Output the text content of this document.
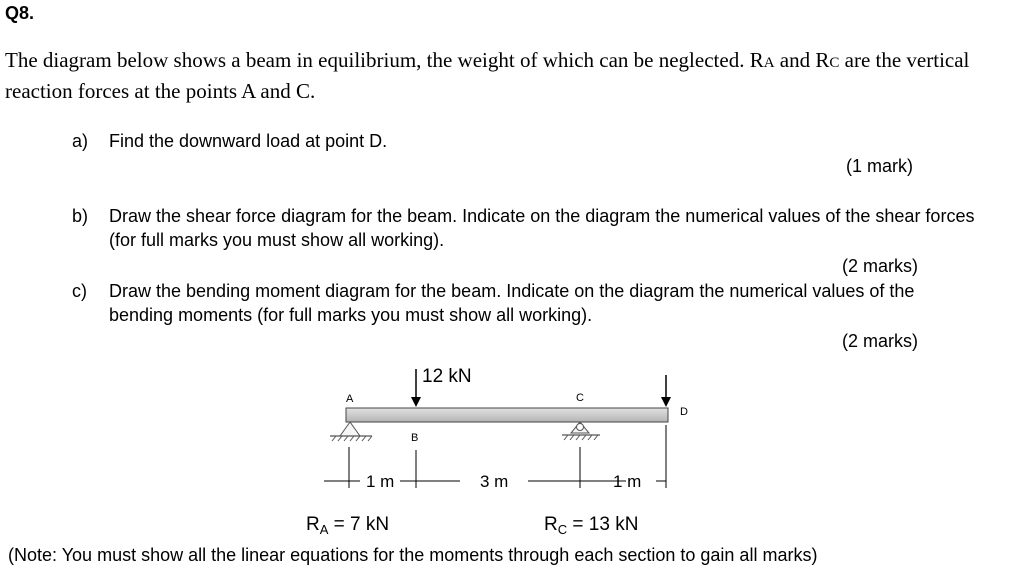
Q8.
The diagram below shows a beam in equilibrium, the weight of which can be neglected. RA and RC are the vertical reaction forces at the points A and C.
a) Find the downward load at point D.
(1 mark)
b) Draw the shear force diagram for the beam. Indicate on the diagram the numerical values of the shear forces (for full marks you must show all working).
(2 marks)
c) Draw the bending moment diagram for the beam. Indicate on the diagram the numerical values of the bending moments (for full marks you must show all working).
(2 marks)
12 kN
A	C
D
B
1 m	3 m	1 m
$R_A = 7$ kN	$R_C = 13$ kN
(Note: You must show all the linear equations for the moments through each section to gain all marks)
